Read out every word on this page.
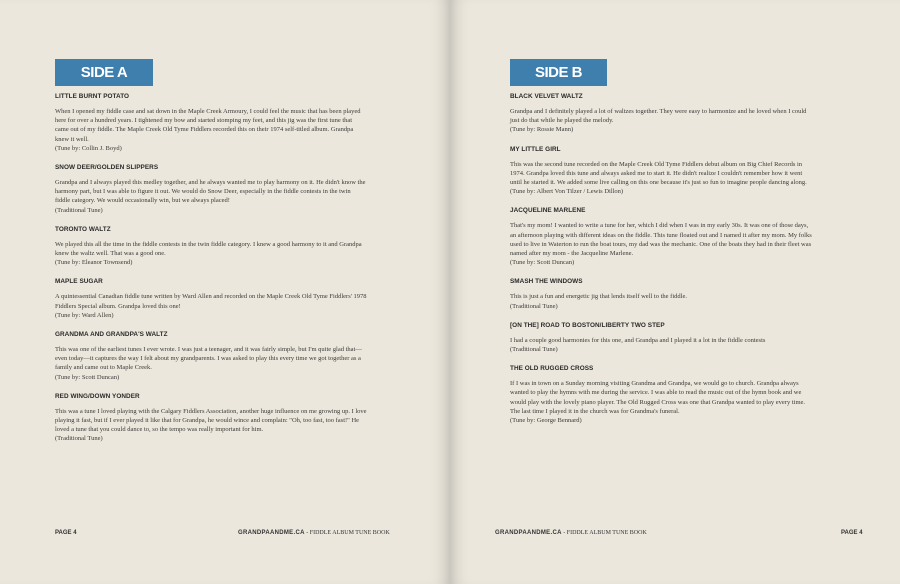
SIDE A
LITTLE BURNT POTATO
When I opened my fiddle case and sat down in the Maple Creek Armoury, I could feel the music that has been played here for over a hundred years. I tightened my bow and started stomping my feet, and this jig was the first tune that came out of my fiddle. The Maple Creek Old Tyme Fiddlers recorded this on their 1974 self-titled album. Grandpa knew it well.
(Tune by: Collin J. Boyd)
SNOW DEER/GOLDEN SLIPPERS
Grandpa and I always played this medley together, and he always wanted me to play harmony on it. He didn't know the harmony part, but I was able to figure it out. We would do Snow Deer, especially in the fiddle contests in the twin fiddle category. We would occasionally win, but we always placed!
(Traditional Tune)
TORONTO WALTZ
We played this all the time in the fiddle contests in the twin fiddle category. I knew a good harmony to it and Grandpa knew the waltz well. That was a good one.
(Tune by: Eleanor Townsend)
MAPLE SUGAR
A quintessential Canadian fiddle tune written by Ward Allen and recorded on the Maple Creek Old Tyme Fiddlers' 1978 Fiddlers Special album. Grandpa loved this one!
(Tune by: Ward Allen)
GRANDMA AND GRANDPA'S WALTZ
This was one of the earliest tunes I ever wrote. I was just a teenager, and it was fairly simple, but I'm quite glad that—even today—it captures the way I felt about my grandparents. I was asked to play this every time we got together as a family and came out to Maple Creek.
(Tune by: Scott Duncan)
RED WING/DOWN YONDER
This was a tune I loved playing with the Calgary Fiddlers Association, another huge influence on me growing up. I love playing it fast, but if I ever played it like that for Grandpa, he would wince and complain: "Oh, too fast, too fast!" He loved a tune that you could dance to, so the tempo was really important for him.
(Traditional Tune)
PAGE 4	GRANDPAANDME.CA - FIDDLE ALBUM TUNE BOOK
SIDE B
BLACK VELVET WALTZ
Grandpa and I definitely played a lot of waltzes together. They were easy to harmonize and he loved when I could just do that while he played the melody.
(Tune by: Rossie Mann)
MY LITTLE GIRL
This was the second tune recorded on the Maple Creek Old Tyme Fiddlers debut album on Big Chief Records in 1974. Grandpa loved this tune and always asked me to start it. He didn't realize I couldn't remember how it went until he started it. We added some live calling on this one because it's just so fun to imagine people dancing along.
(Tune by: Albert Von Tilzer / Lewis Dillon)
JACQUELINE MARLENE
That's my mom! I wanted to write a tune for her, which I did when I was in my early 30s. It was one of those days, an afternoon playing with different ideas on the fiddle. This tune floated out and I named it after my mom. My folks used to live in Waterton to run the boat tours, my dad was the mechanic. One of the boats they had in their fleet was named after my mom - the Jacqueline Marlene.
(Tune by: Scott Duncan)
SMASH THE WINDOWS
This is just a fun and energetic jig that lends itself well to the fiddle.
(Traditional Tune)
[ON THE] ROAD TO BOSTON/LIBERTY TWO STEP
I had a couple good harmonies for this one, and Grandpa and I played it a lot in the fiddle contests
(Traditional Tune)
THE OLD RUGGED CROSS
If I was in town on a Sunday morning visiting Grandma and Grandpa, we would go to church. Grandpa always wanted to play the hymns with me during the service. I was able to read the music out of the hymn book and we would play with the lovely piano player. The Old Rugged Cross was one that Grandpa wanted to play every time. The last time I played it in the church was for Grandma's funeral.
(Tune by: George Bennard)
GRANDPAANDME.CA - FIDDLE ALBUM TUNE BOOK	PAGE 4
